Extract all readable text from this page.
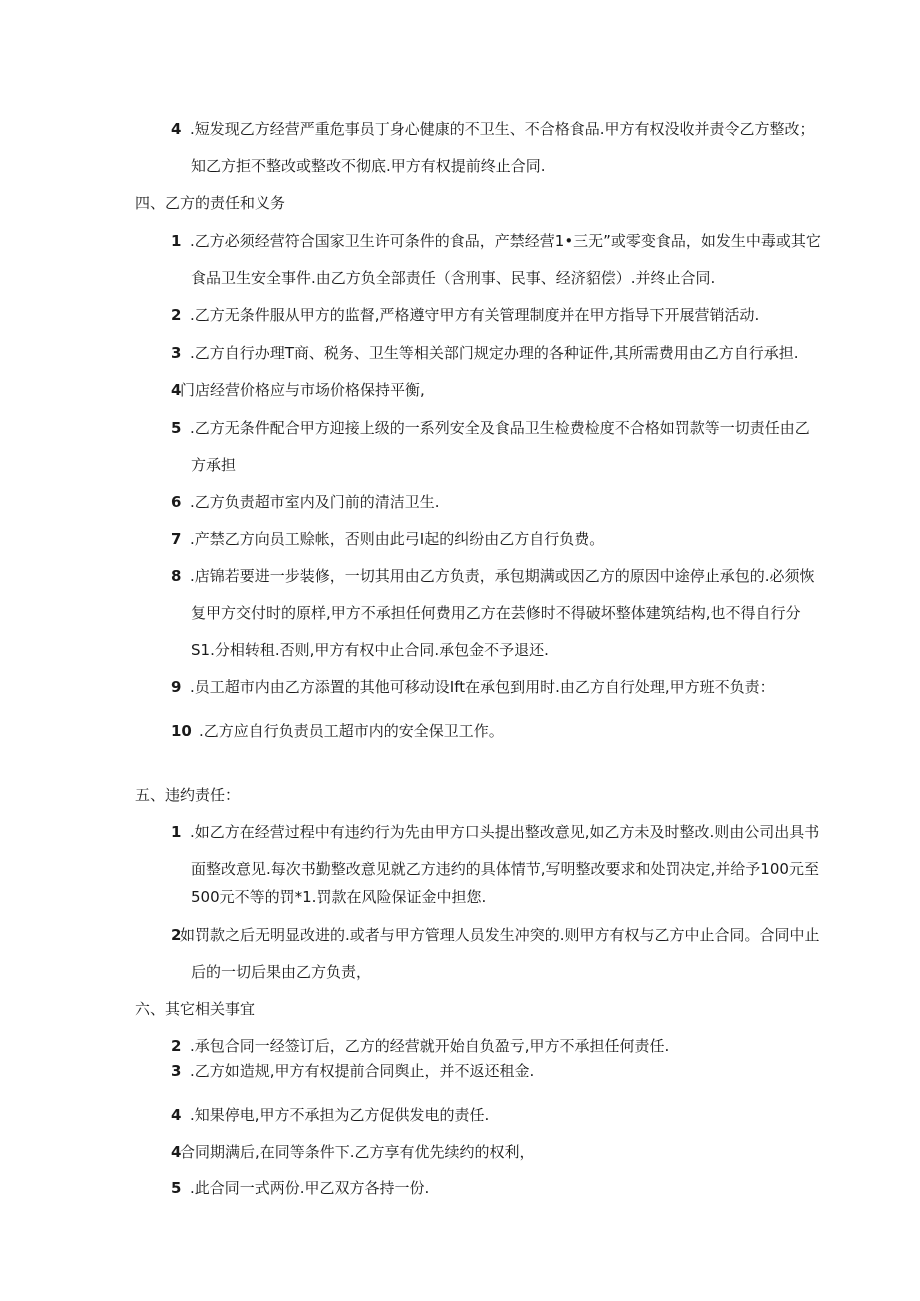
4 .短发现乙方经营严重危事员丁身心健康的不卫生、不合格食品.甲方有权没收并责令乙方整改；
知乙方拒不整改或整改不彻底.甲方有权提前终止合同.
四、乙方的责任和义务
1 .乙方必须经营符合国家卫生许可条件的食品，产禁经营1•三无”或零变食品，如发生中毒或其它
食品卫生安全事件.由乙方负全部责任（含刑事、民事、经济貂偿）.并终止合同.
2 .乙方无条件服从甲方的监督,严格遵守甲方有关管理制度并在甲方指导下开展营销活动.
3 .乙方自行办理T商、税务、卫生等相关部门规定办理的各种证件,其所需费用由乙方自行承担.
4
门店经营价格应与市场价格保持平衡,
5 .乙方无条件配合甲方迎接上级的一系列安全及食品卫生检费检度不合格如罚款等一切责任由乙
方承担
6 .乙方负责超市室内及门前的清洁卫生.
7 .产禁乙方向员工赊帐，否则由此弓I起的纠纷由乙方自行负费。
8 .店锦若要进一步装修，一切其用由乙方负责，承包期满或因乙方的原因中途停止承包的.必须恢
复甲方交付时的原样,甲方不承担任何费用乙方在芸修时不得破坏整体建筑结构,也不得自行分
S1.分相转租.否则,甲方有权中止合同.承包金不予退还.
9 .员工超市内由乙方添置的其他可移动设Ift在承包到用时.由乙方自行处理,甲方班不负责：
10 .乙方应自行负责员工超市内的安全保卫工作。
五、违约责任：
1 .如乙方在经营过程中有违约行为先由甲方口头提出整改意见,如乙方未及时整改.则由公司出具书
面整改意见.每次书勤整改意见就乙方违约的具体情节,写明整改要求和处罚决定,并给予100元至
500元不等的罚*1.罚款在风险保证金中担您.
2
如罚款之后无明显改进的.或者与甲方管理人员发生冲突的.则甲方有权与乙方中止合同。合同中止
后的一切后果由乙方负责，
六、其它相关事宜
2 .承包合同一经签订后，乙方的经营就开始自负盈亏,甲方不承担任何责任.
3 .乙方如造规,甲方有权提前合同舆止，并不返还租金.
4 .知果停电,甲方不承担为乙方促供发电的责任.
4
合同期满后,在同等条件下.乙方享有优先续约的权利，
5 .此合同一式两份.甲乙双方各持一份.
